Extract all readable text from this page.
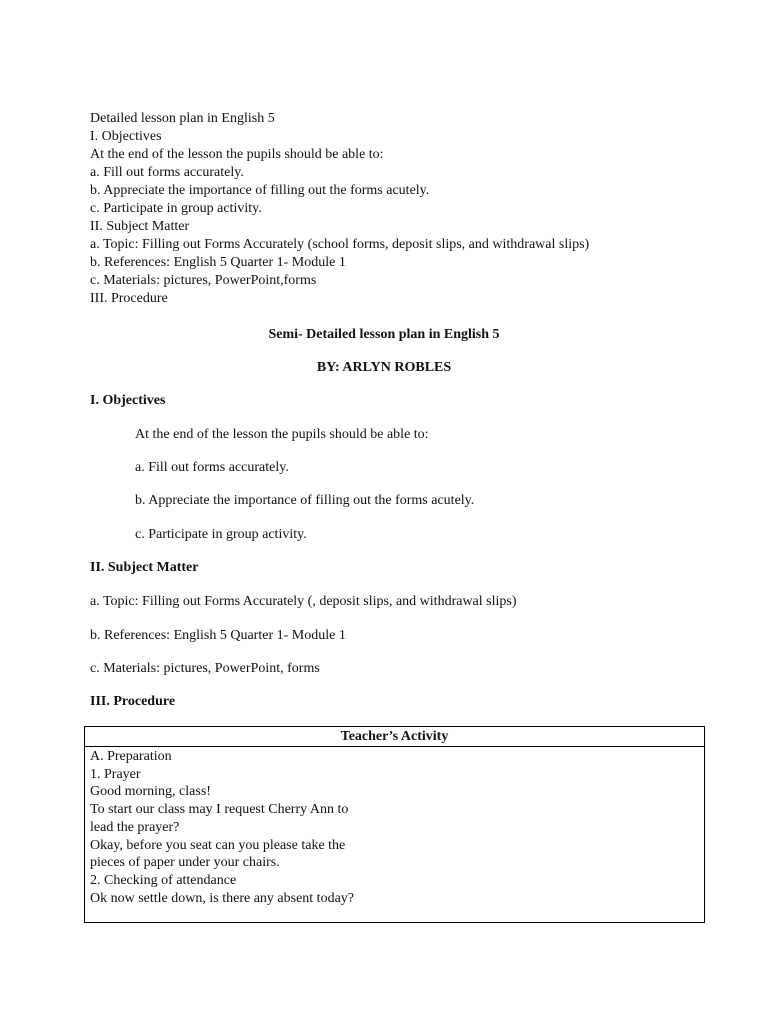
Detailed lesson plan in English 5
I. Objectives
At the end of the lesson the pupils should be able to:
a. Fill out forms accurately.
b. Appreciate the importance of filling out the forms acutely.
c. Participate in group activity.
II. Subject Matter
a. Topic: Filling out Forms Accurately (school forms, deposit slips, and withdrawal slips)
b. References: English 5 Quarter 1- Module 1
c. Materials: pictures, PowerPoint,forms
III. Procedure
Semi- Detailed lesson plan in English 5
BY: ARLYN ROBLES
I. Objectives
At the end of the lesson the pupils should be able to:
a. Fill out forms accurately.
b. Appreciate the importance of filling out the forms acutely.
c. Participate in group activity.
II. Subject Matter
a. Topic: Filling out Forms Accurately (, deposit slips, and withdrawal slips)
b. References: English 5 Quarter 1- Module 1
c. Materials: pictures, PowerPoint, forms
III. Procedure
Teacher’s Activity
A. Preparation
1. Prayer
Good morning, class!
To start our class may I request Cherry Ann to
lead the prayer?
Okay, before you seat can you please take the
pieces of paper under your chairs.
2. Checking of attendance
Ok now settle down, is there any absent today?
